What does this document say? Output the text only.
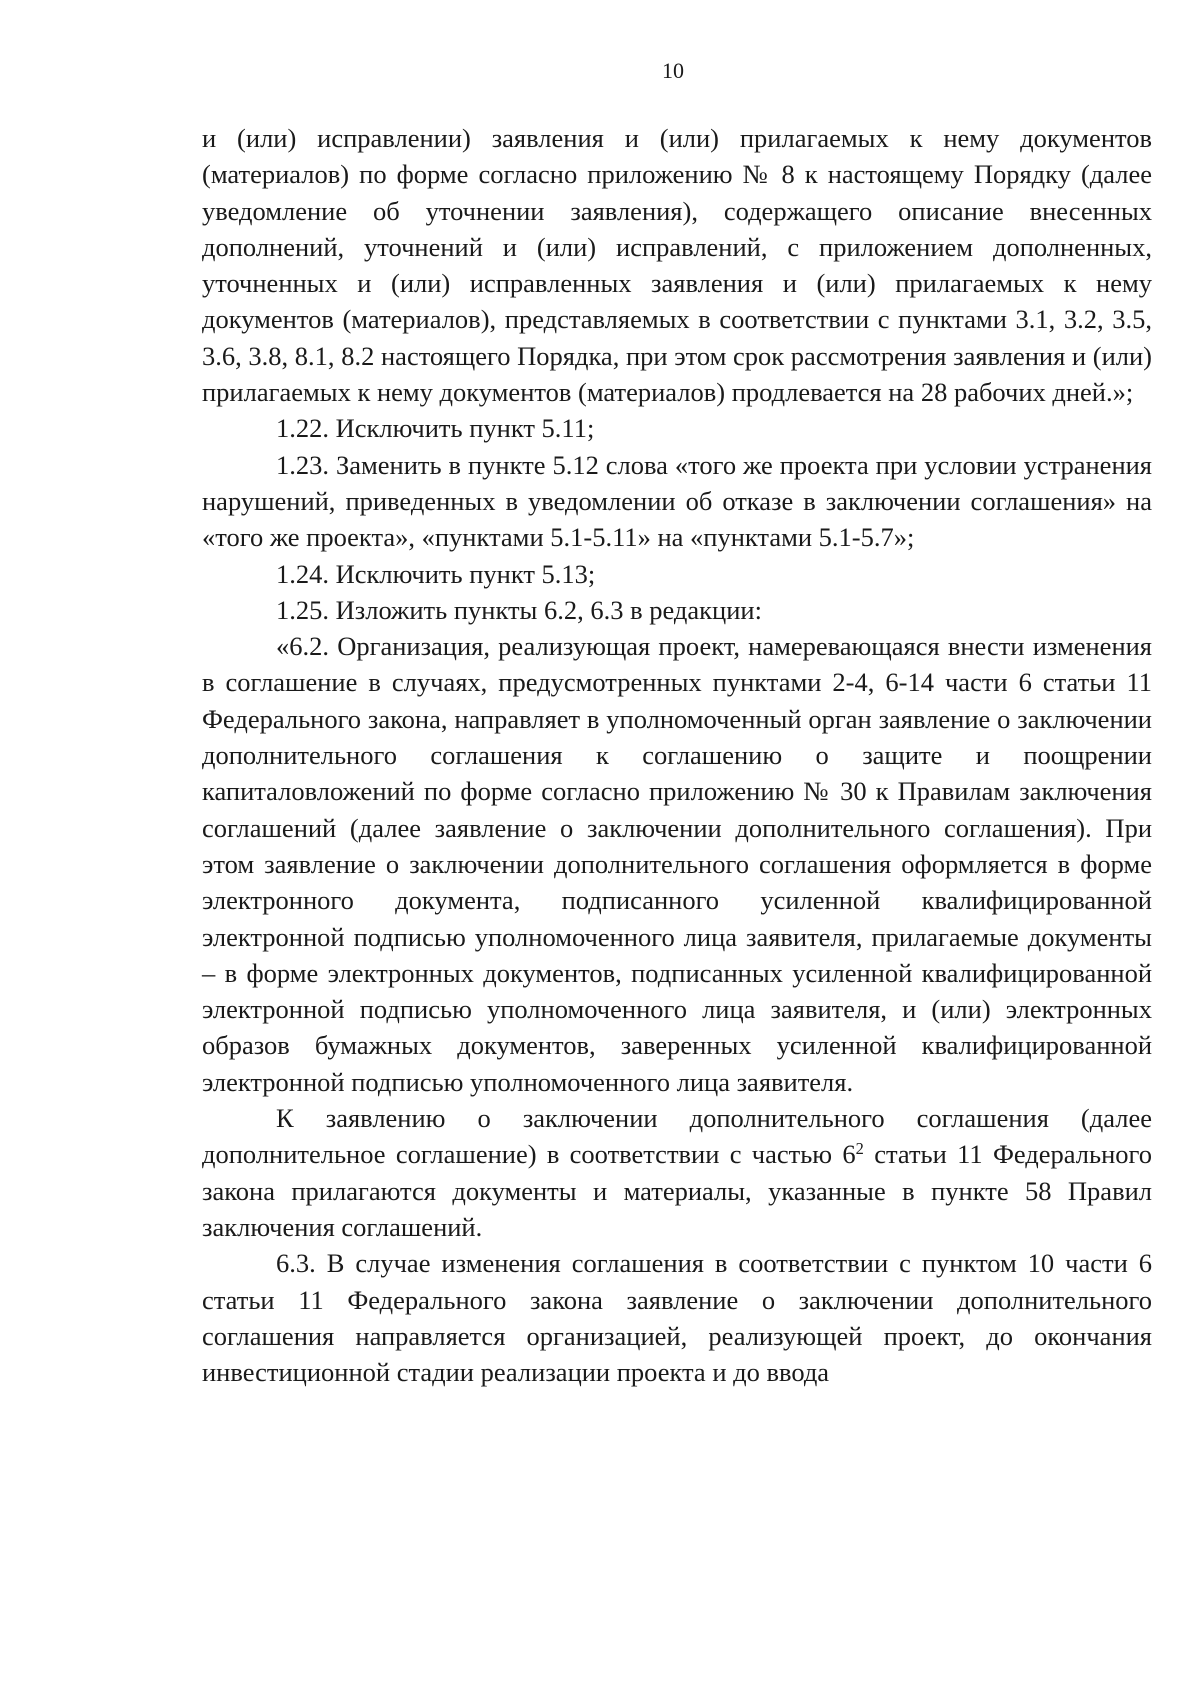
10

и (или) исправлении) заявления и (или) прилагаемых к нему документов (материалов) по форме согласно приложению № 8 к настоящему Порядку (далее уведомление об уточнении заявления), содержащего описание внесенных дополнений, уточнений и (или) исправлений, с приложением дополненных, уточненных и (или) исправленных заявления и (или) прилагаемых к нему документов (материалов), представляемых в соответствии с пунктами 3.1, 3.2, 3.5, 3.6, 3.8, 8.1, 8.2 настоящего Порядка, при этом срок рассмотрения заявления и (или) прилагаемых к нему документов (материалов) продлевается на 28 рабочих дней.»;

1.22. Исключить пункт 5.11;

1.23. Заменить в пункте 5.12 слова «того же проекта при условии устранения нарушений, приведенных в уведомлении об отказе в заключении соглашения» на «того же проекта», «пунктами 5.1-5.11» на «пунктами 5.1-5.7»;

1.24. Исключить пункт 5.13;

1.25. Изложить пункты 6.2, 6.3 в редакции:

«6.2. Организация, реализующая проект, намеревающаяся внести изменения в соглашение в случаях, предусмотренных пунктами 2-4, 6-14 части 6 статьи 11 Федерального закона, направляет в уполномоченный орган заявление о заключении дополнительного соглашения к соглашению о защите и поощрении капиталовложений по форме согласно приложению № 30 к Правилам заключения соглашений (далее заявление о заключении дополнительного соглашения). При этом заявление о заключении дополнительного соглашения оформляется в форме электронного документа, подписанного усиленной квалифицированной электронной подписью уполномоченного лица заявителя, прилагаемые документы – в форме электронных документов, подписанных усиленной квалифицированной электронной подписью уполномоченного лица заявителя, и (или) электронных образов бумажных документов, заверенных усиленной квалифицированной электронной подписью уполномоченного лица заявителя.

К заявлению о заключении дополнительного соглашения (далее дополнительное соглашение) в соответствии с частью $6^2$ статьи 11 Федерального закона прилагаются документы и материалы, указанные в пункте 58 Правил заключения соглашений.

6.3. В случае изменения соглашения в соответствии с пунктом 10 части 6 статьи 11 Федерального закона заявление о заключении дополнительного соглашения направляется организацией, реализующей проект, до окончания инвестиционной стадии реализации проекта и до ввода
